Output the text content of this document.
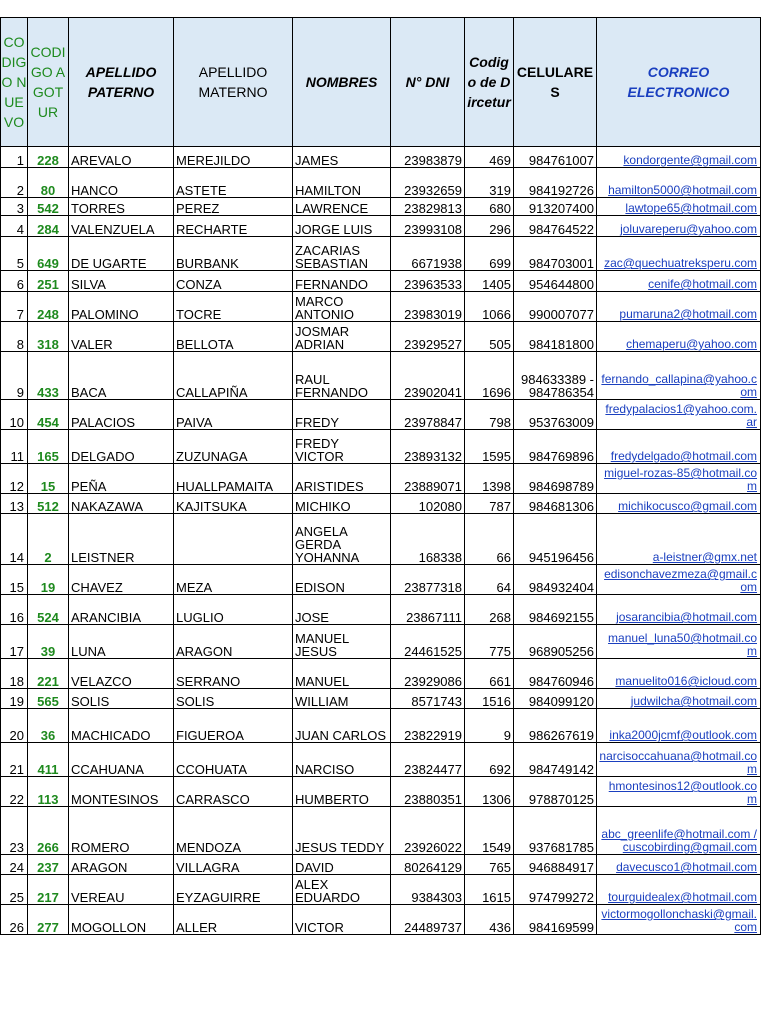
CODIGO NUEVO	CODIGO AGOTUR	APELLIDO PATERNO	APELLIDO MATERNO	NOMBRES	N° DNI	Codigo de Dircetur	CELULARES	CORREO ELECTRONICO
1	228	AREVALO	MEREJILDO	JAMES	23983879	469	984761007	kondorgente@gmail.com
2	80	HANCO	ASTETE	HAMILTON	23932659	319	984192726	hamilton5000@hotmail.com
3	542	TORRES	PEREZ	LAWRENCE	23829813	680	913207400	lawtope65@hotmail.com
4	284	VALENZUELA	RECHARTE	JORGE LUIS	23993108	296	984764522	joluvareperu@yahoo.com
5	649	DE UGARTE	BURBANK	ZACARIAS SEBASTIAN	6671938	699	984703001	zac@quechuatreksperu.com
6	251	SILVA	CONZA	FERNANDO	23963533	1405	954644800	cenife@hotmail.com
7	248	PALOMINO	TOCRE	MARCO ANTONIO	23983019	1066	990007077	pumaruna2@hotmail.com
8	318	VALER	BELLOTA	JOSMAR ADRIAN	23929527	505	984181800	chemaperu@yahoo.com
9	433	BACA	CALLAPIÑA	RAUL FERNANDO	23902041	1696	984633389 - 984786354	fernando_callapina@yahoo.com
10	454	PALACIOS	PAIVA	FREDY	23978847	798	953763009	fredypalacios1@yahoo.com.ar
11	165	DELGADO	ZUZUNAGA	FREDY VICTOR	23893132	1595	984769896	fredydelgado@hotmail.com
12	15	PEÑA	HUALLPAMAITA	ARISTIDES	23889071	1398	984698789	miguel-rozas-85@hotmail.com
13	512	NAKAZAWA	KAJITSUKA	MICHIKO	102080	787	984681306	michikocusco@gmail.com
14	2	LEISTNER		ANGELA GERDA YOHANNA	168338	66	945196456	a-leistner@gmx.net
15	19	CHAVEZ	MEZA	EDISON	23877318	64	984932404	edisonchavezmeza@gmail.com
16	524	ARANCIBIA	LUGLIO	JOSE	23867111	268	984692155	josarancibia@hotmail.com
17	39	LUNA	ARAGON	MANUEL JESUS	24461525	775	968905256	manuel_luna50@hotmail.com
18	221	VELAZCO	SERRANO	MANUEL	23929086	661	984760946	manuelito016@icloud.com
19	565	SOLIS	SOLIS	WILLIAM	8571743	1516	984099120	judwilcha@hotmail.com
20	36	MACHICADO	FIGUEROA	JUAN CARLOS	23822919	9	986267619	inka2000jcmf@outlook.com
21	411	CCAHUANA	CCOHUATA	NARCISO	23824477	692	984749142	narcisoccahuana@hotmail.com
22	113	MONTESINOS	CARRASCO	HUMBERTO	23880351	1306	978870125	hmontesinos12@outlook.com
23	266	ROMERO	MENDOZA	JESUS TEDDY	23926022	1549	937681785	abc_greenlife@hotmail.com / cuscobirding@gmail.com
24	237	ARAGON	VILLAGRA	DAVID	80264129	765	946884917	davecusco1@hotmail.com
25	217	VEREAU	EYZAGUIRRE	ALEX EDUARDO	9384303	1615	974799272	tourguidealex@hotmail.com
26	277	MOGOLLON	ALLER	VICTOR	24489737	436	984169599	victormogollonchaski@gmail.com
